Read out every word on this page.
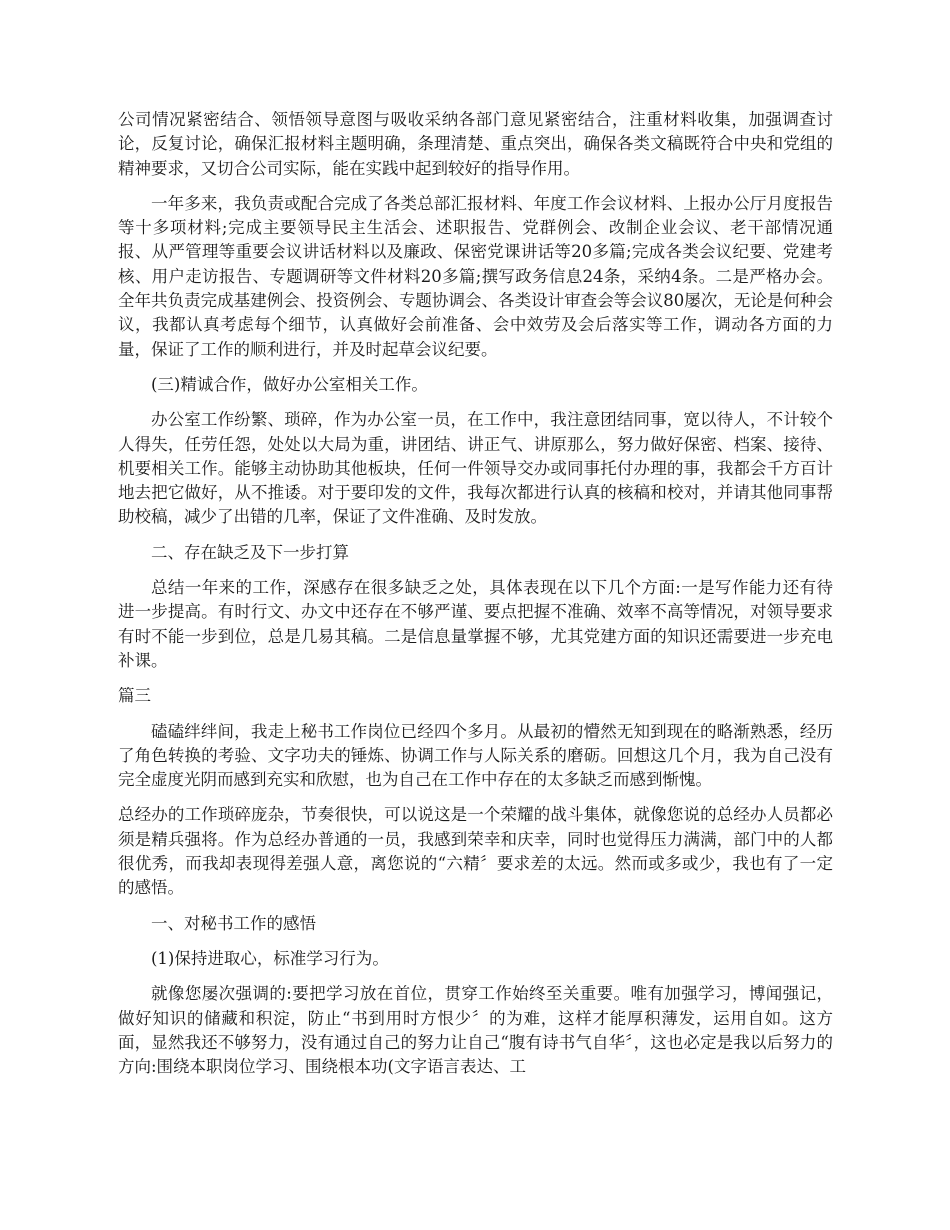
公司情况紧密结合、领悟领导意图与吸收采纳各部门意见紧密结合，注重材料收集，加强调查讨论，反复讨论，确保汇报材料主题明确，条理清楚、重点突出，确保各类文稿既符合中央和党组的精神要求，又切合公司实际，能在实践中起到较好的指导作用。

一年多来，我负责或配合完成了各类总部汇报材料、年度工作会议材料、上报办公厅月度报告等十多项材料;完成主要领导民主生活会、述职报告、党群例会、改制企业会议、老干部情况通报、从严管理等重要会议讲话材料以及廉政、保密党课讲话等20多篇;完成各类会议纪要、党建考核、用户走访报告、专题调研等文件材料20多篇;撰写政务信息24条，采纳4条。二是严格办会。全年共负责完成基建例会、投资例会、专题协调会、各类设计审查会等会议80屡次，无论是何种会议，我都认真考虑每个细节，认真做好会前准备、会中效劳及会后落实等工作，调动各方面的力量，保证了工作的顺利进行，并及时起草会议纪要。

(三)精诚合作，做好办公室相关工作。

办公室工作纷繁、琐碎，作为办公室一员，在工作中，我注意团结同事，宽以待人，不计较个人得失，任劳任怨，处处以大局为重，讲团结、讲正气、讲原那么，努力做好保密、档案、接待、机要相关工作。能够主动协助其他板块，任何一件领导交办或同事托付办理的事，我都会千方百计地去把它做好，从不推诿。对于要印发的文件，我每次都进行认真的核稿和校对，并请其他同事帮助校稿，减少了出错的几率，保证了文件准确、及时发放。

二、存在缺乏及下一步打算

总结一年来的工作，深感存在很多缺乏之处，具体表现在以下几个方面:一是写作能力还有待进一步提高。有时行文、办文中还存在不够严谨、要点把握不准确、效率不高等情况，对领导要求有时不能一步到位，总是几易其稿。二是信息量掌握不够，尤其党建方面的知识还需要进一步充电补课。

篇三

磕磕绊绊间，我走上秘书工作岗位已经四个多月。从最初的懵然无知到现在的略渐熟悉，经历了角色转换的考验、文字功夫的锤炼、协调工作与人际关系的磨砺。回想这几个月，我为自己没有完全虚度光阴而感到充实和欣慰，也为自己在工作中存在的太多缺乏而感到惭愧。

总经办的工作琐碎庞杂，节奏很快，可以说这是一个荣耀的战斗集体，就像您说的总经办人员都必须是精兵强将。作为总经办普通的一员，我感到荣幸和庆幸，同时也觉得压力满满，部门中的人都很优秀，而我却表现得差强人意，离您说的“六精〞要求差的太远。然而或多或少，我也有了一定的感悟。

一、对秘书工作的感悟

(1)保持进取心，标准学习行为。

就像您屡次强调的:要把学习放在首位，贯穿工作始终至关重要。唯有加强学习，博闻强记，做好知识的储藏和积淀，防止“书到用时方恨少〞的为难，这样才能厚积薄发，运用自如。这方面，显然我还不够努力，没有通过自己的努力让自己“腹有诗书气自华〞，这也必定是我以后努力的方向:围绕本职岗位学习、围绕根本功(文字语言表达、工
